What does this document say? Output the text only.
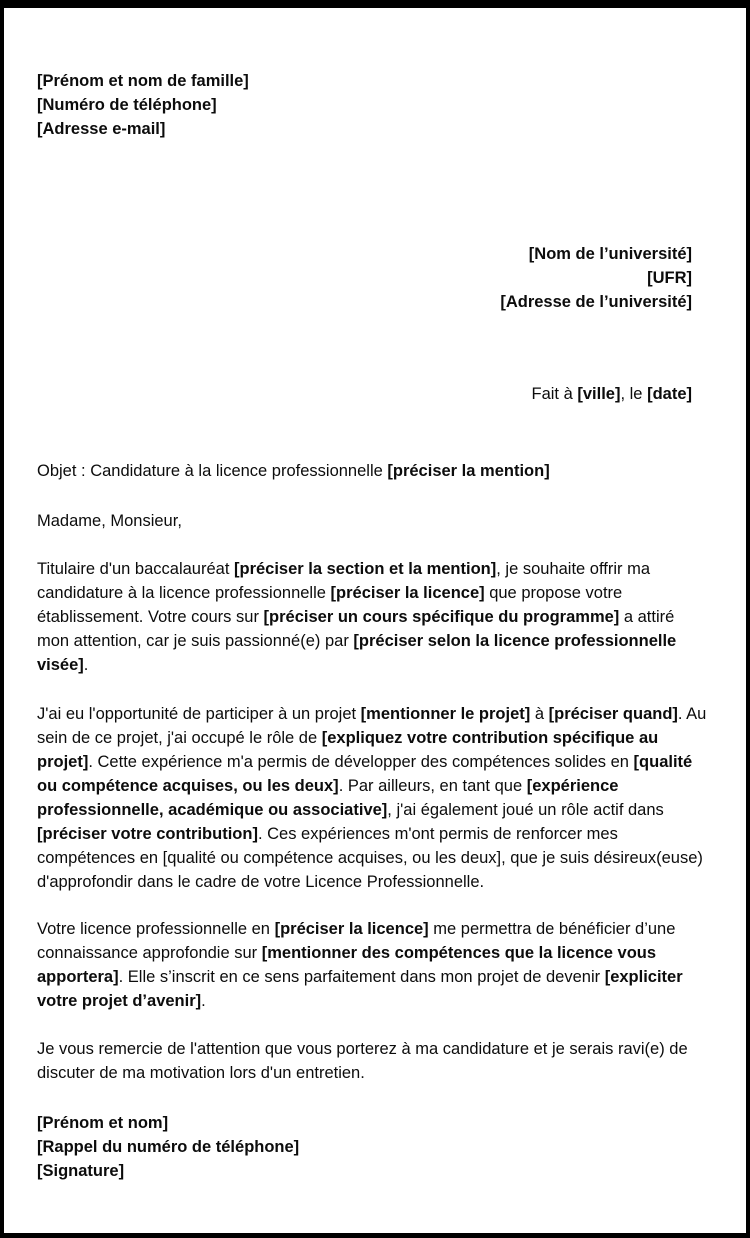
[Prénom et nom de famille]
[Numéro de téléphone]
[Adresse e-mail]
[Nom de l’université]
[UFR]
[Adresse de l’université]
Fait à [ville], le [date]
Objet : Candidature à la licence professionnelle [préciser la mention]
Madame, Monsieur,
Titulaire d'un baccalauréat [préciser la section et la mention], je souhaite offrir ma candidature à la licence professionnelle [préciser la licence] que propose votre établissement. Votre cours sur [préciser un cours spécifique du programme] a attiré mon attention, car je suis passionné(e) par [préciser selon la licence professionnelle visée].
J'ai eu l'opportunité de participer à un projet [mentionner le projet] à [préciser quand]. Au sein de ce projet, j'ai occupé le rôle de [expliquez votre contribution spécifique au projet]. Cette expérience m'a permis de développer des compétences solides en [qualité ou compétence acquises, ou les deux]. Par ailleurs, en tant que [expérience professionnelle, académique ou associative], j'ai également joué un rôle actif dans [préciser votre contribution]. Ces expériences m'ont permis de renforcer mes compétences en [qualité ou compétence acquises, ou les deux], que je suis désireux(euse) d'approfondir dans le cadre de votre Licence Professionnelle.
Votre licence professionnelle en [préciser la licence] me permettra de bénéficier d’une connaissance approfondie sur [mentionner des compétences que la licence vous apportera]. Elle s’inscrit en ce sens parfaitement dans mon projet de devenir [expliciter votre projet d’avenir].
Je vous remercie de l'attention que vous porterez à ma candidature et je serais ravi(e) de discuter de ma motivation lors d'un entretien.
[Prénom et nom]
[Rappel du numéro de téléphone]
[Signature]
